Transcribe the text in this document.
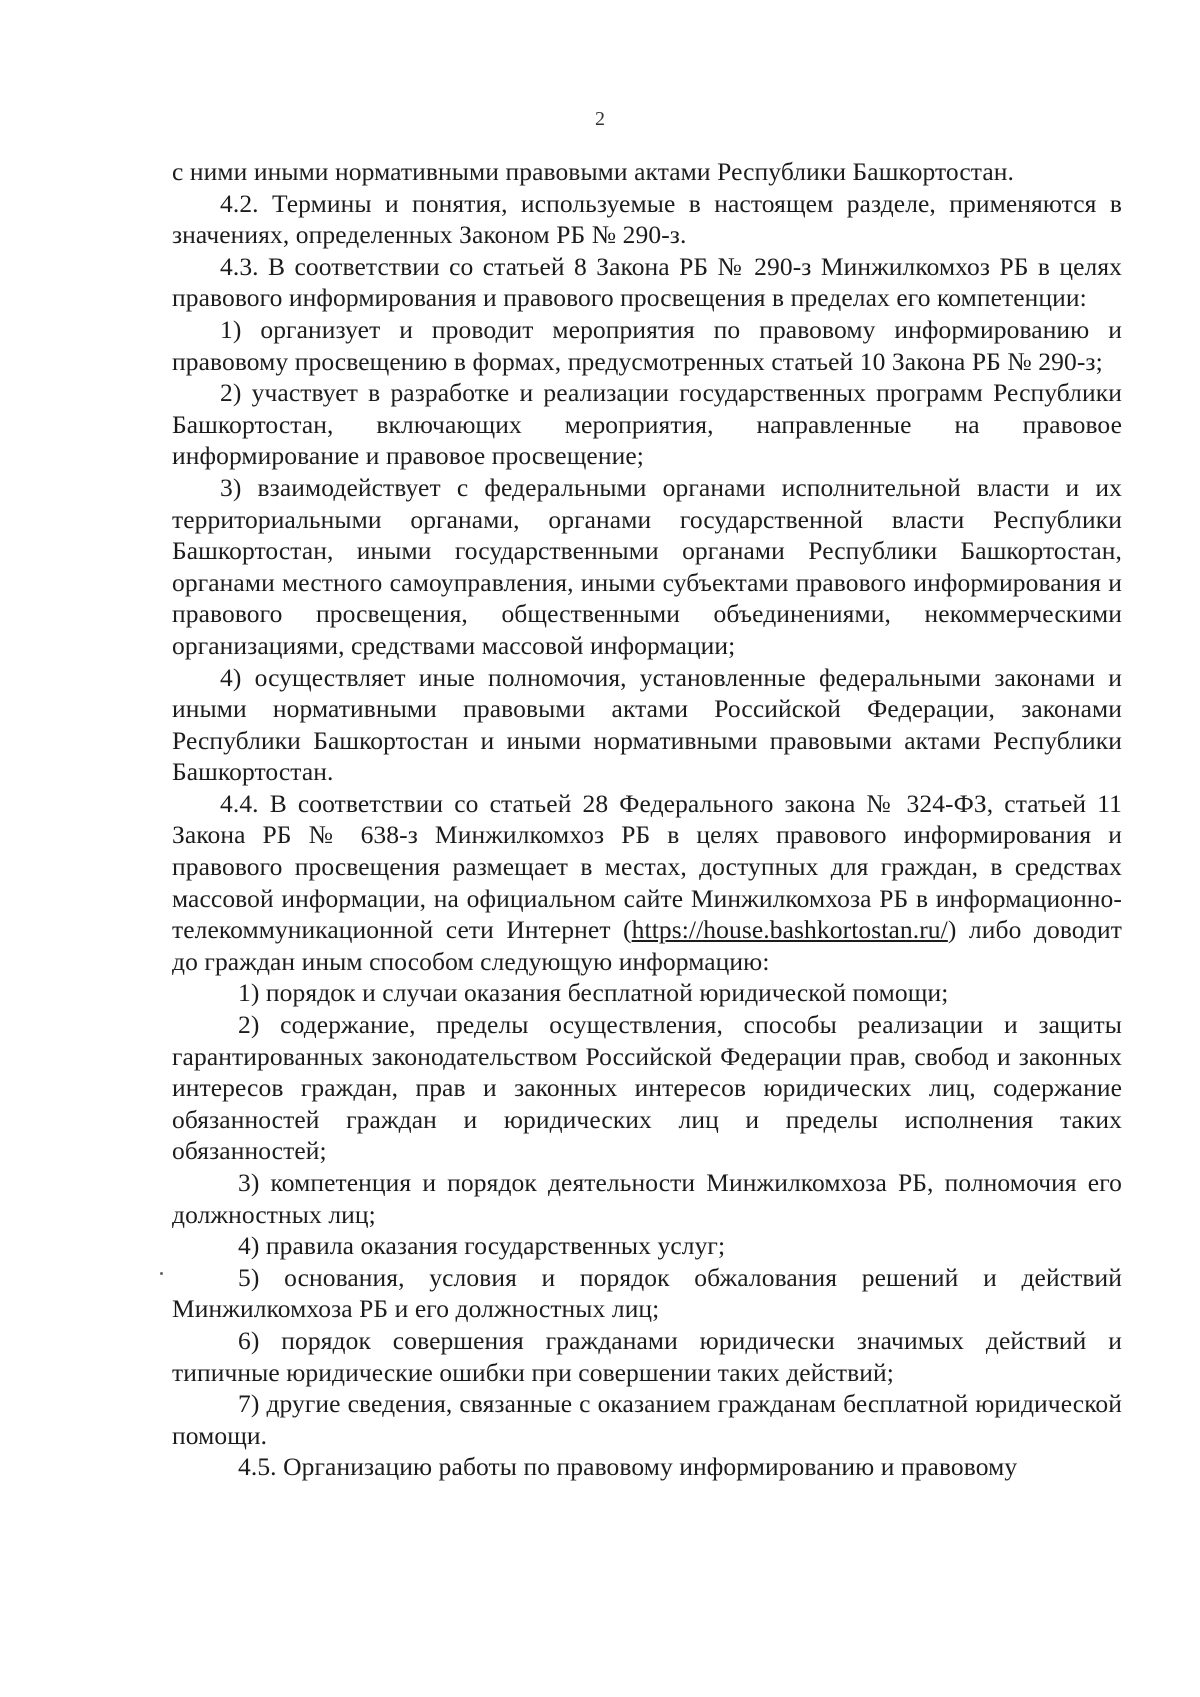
2

с ними иными нормативными правовыми актами Республики Башкортостан.

4.2. Термины и понятия, используемые в настоящем разделе, применяются в значениях, определенных Законом РБ № 290-з.

4.3. В соответствии со статьей 8 Закона РБ № 290-з Минжилкомхоз РБ в целях правового информирования и правового просвещения в пределах его компетенции:

1) организует и проводит мероприятия по правовому информированию и правовому просвещению в формах, предусмотренных статьей 10 Закона РБ № 290-з;

2) участвует в разработке и реализации государственных программ Республики Башкортостан, включающих мероприятия, направленные на правовое информирование и правовое просвещение;

3) взаимодействует с федеральными органами исполнительной власти и их территориальными органами, органами государственной власти Республики Башкортостан, иными государственными органами Республики Башкортостан, органами местного самоуправления, иными субъектами правового информирования и правового просвещения, общественными объединениями, некоммерческими организациями, средствами массовой информации;

4) осуществляет иные полномочия, установленные федеральными законами и иными нормативными правовыми актами Российской Федерации, законами Республики Башкортостан и иными нормативными правовыми актами Республики Башкортостан.

4.4. В соответствии со статьей 28 Федерального закона № 324-ФЗ, статьей 11 Закона РБ № 638-з Минжилкомхоз РБ в целях правового информирования и правового просвещения размещает в местах, доступных для граждан, в средствах массовой информации, на официальном сайте Минжилкомхоза РБ в информационно-телекоммуникационной сети Интернет (https://house.bashkortostan.ru/) либо доводит до граждан иным способом следующую информацию:

1) порядок и случаи оказания бесплатной юридической помощи;

2) содержание, пределы осуществления, способы реализации и защиты гарантированных законодательством Российской Федерации прав, свобод и законных интересов граждан, прав и законных интересов юридических лиц, содержание обязанностей граждан и юридических лиц и пределы исполнения таких обязанностей;

3) компетенция и порядок деятельности Минжилкомхоза РБ, полномочия его должностных лиц;

4) правила оказания государственных услуг;

5) основания, условия и порядок обжалования решений и действий Минжилкомхоза РБ и его должностных лиц;

6) порядок совершения гражданами юридически значимых действий и типичные юридические ошибки при совершении таких действий;

7) другие сведения, связанные с оказанием гражданам бесплатной юридической помощи.

4.5. Организацию работы по правовому информированию и правовому
